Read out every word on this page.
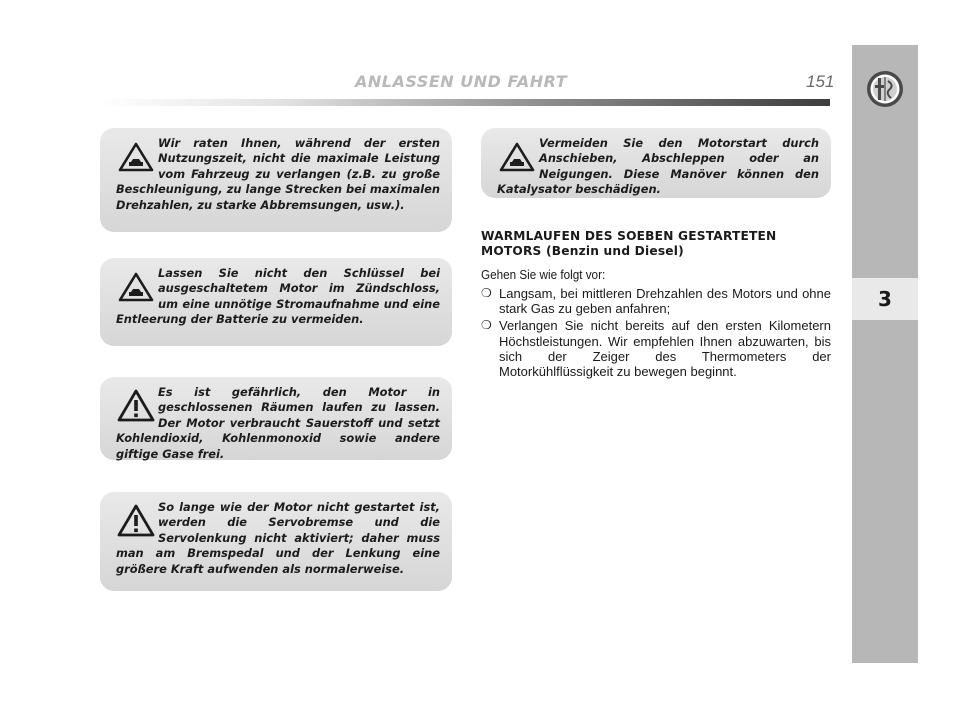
ANLASSEN UND FAHRT	151
3
Wir raten Ihnen, während der ersten Nutzungszeit, nicht die maximale Leistung vom Fahrzeug zu verlangen (z.B. zu große Beschleunigung, zu lange Strecken bei maximalen Drehzahlen, zu starke Abbremsungen, usw.).
Lassen Sie nicht den Schlüssel bei ausgeschaltetem Motor im Zündschloss, um eine unnötige Stromaufnahme und eine Entleerung der Batterie zu vermeiden.
Es ist gefährlich, den Motor in geschlossenen Räumen laufen zu lassen. Der Motor verbraucht Sauerstoff und setzt Kohlendioxid, Kohlenmonoxid sowie andere giftige Gase frei.
So lange wie der Motor nicht gestartet ist, werden die Servobremse und die Servolenkung nicht aktiviert; daher muss man am Bremspedal und der Lenkung eine größere Kraft aufwenden als normalerweise.
Vermeiden Sie den Motorstart durch Anschieben, Abschleppen oder an Neigungen. Diese Manöver können den Katalysator beschädigen.
WARMLAUFEN DES SOEBEN GESTARTETEN
MOTORS (Benzin und Diesel)
Gehen Sie wie folgt vor:
❍ Langsam, bei mittleren Drehzahlen des Motors und ohne stark Gas zu geben anfahren;
❍ Verlangen Sie nicht bereits auf den ersten Kilometern Höchstleistungen. Wir empfehlen Ihnen abzuwarten, bis sich der Zeiger des Thermometers der Motorkühlflüssigkeit zu bewegen beginnt.
